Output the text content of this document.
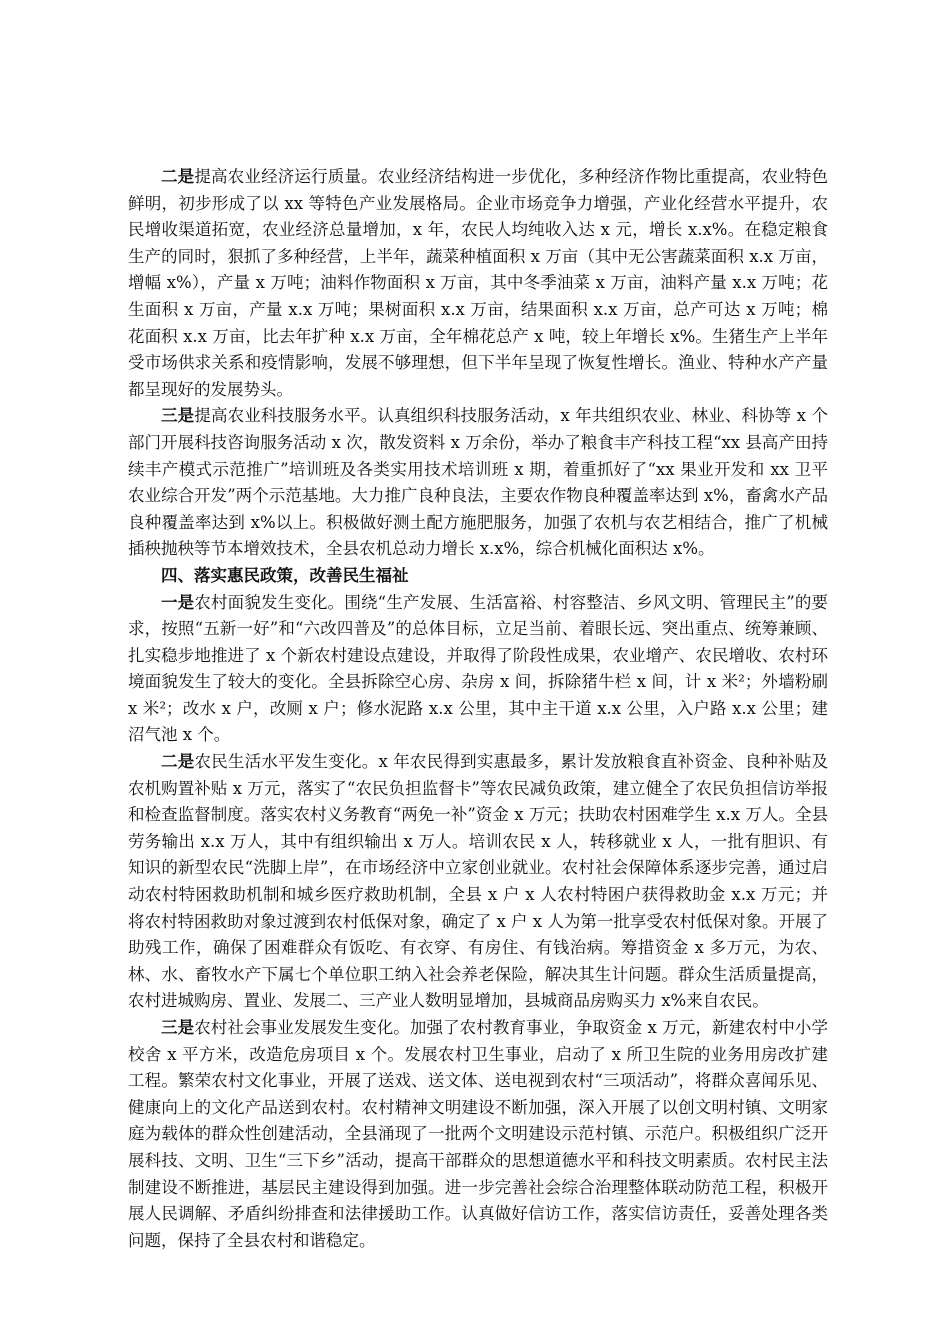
二是提高农业经济运行质量。农业经济结构进一步优化，多种经济作物比重提高，农业特色鲜明，初步形成了以 xx 等特色产业发展格局。企业市场竞争力增强，产业化经营水平提升，农民增收渠道拓宽，农业经济总量增加，x 年，农民人均纯收入达 x 元，增长 x.x%。在稳定粮食生产的同时，狠抓了多种经营，上半年，蔬菜种植面积 x 万亩（其中无公害蔬菜面积 x.x 万亩，增幅 x%），产量 x 万吨；油料作物面积 x 万亩，其中冬季油菜 x 万亩，油料产量 x.x 万吨；花生面积 x 万亩，产量 x.x 万吨；果树面积 x.x 万亩，结果面积 x.x 万亩，总产可达 x 万吨；棉花面积 x.x 万亩，比去年扩种 x.x 万亩，全年棉花总产 x 吨，较上年增长 x%。生猪生产上半年受市场供求关系和疫情影响，发展不够理想，但下半年呈现了恢复性增长。渔业、特种水产产量都呈现好的发展势头。

三是提高农业科技服务水平。认真组织科技服务活动，x 年共组织农业、林业、科协等 x 个部门开展科技咨询服务活动 x 次，散发资料 x 万余份，举办了粮食丰产科技工程“xx 县高产田持续丰产模式示范推广”培训班及各类实用技术培训班 x 期，着重抓好了“xx 果业开发和 xx 卫平农业综合开发”两个示范基地。大力推广良种良法，主要农作物良种覆盖率达到 x%，畜禽水产品良种覆盖率达到 x%以上。积极做好测土配方施肥服务，加强了农机与农艺相结合，推广了机械插秧抛秧等节本增效技术，全县农机总动力增长 x.x%，综合机械化面积达 x%。

四、落实惠民政策，改善民生福祉

一是农村面貌发生变化。围绕“生产发展、生活富裕、村容整洁、乡风文明、管理民主”的要求，按照“五新一好”和“六改四普及”的总体目标，立足当前、着眼长远、突出重点、统筹兼顾、扎实稳步地推进了 x 个新农村建设点建设，并取得了阶段性成果，农业增产、农民增收、农村环境面貌发生了较大的变化。全县拆除空心房、杂房 x 间，拆除猪牛栏 x 间，计 x 米²；外墙粉刷 x 米²；改水 x 户，改厕 x 户；修水泥路 x.x 公里，其中主干道 x.x 公里，入户路 x.x 公里；建沼气池 x 个。

二是农民生活水平发生变化。x 年农民得到实惠最多，累计发放粮食直补资金、良种补贴及农机购置补贴 x 万元，落实了“农民负担监督卡”等农民减负政策，建立健全了农民负担信访举报和检查监督制度。落实农村义务教育“两免一补”资金 x 万元；扶助农村困难学生 x.x 万人。全县劳务输出 x.x 万人，其中有组织输出 x 万人。培训农民 x 人，转移就业 x 人，一批有胆识、有知识的新型农民“洗脚上岸”，在市场经济中立家创业就业。农村社会保障体系逐步完善，通过启动农村特困救助机制和城乡医疗救助机制，全县 x 户 x 人农村特困户获得救助金 x.x 万元；并将农村特困救助对象过渡到农村低保对象，确定了 x 户 x 人为第一批享受农村低保对象。开展了助残工作，确保了困难群众有饭吃、有衣穿、有房住、有钱治病。筹措资金 x 多万元，为农、林、水、畜牧水产下属七个单位职工纳入社会养老保险，解决其生计问题。群众生活质量提高，农村进城购房、置业、发展二、三产业人数明显增加，县城商品房购买力 x%来自农民。

三是农村社会事业发展发生变化。加强了农村教育事业，争取资金 x 万元，新建农村中小学校舍 x 平方米，改造危房项目 x 个。发展农村卫生事业，启动了 x 所卫生院的业务用房改扩建工程。繁荣农村文化事业，开展了送戏、送文体、送电视到农村“三项活动”，将群众喜闻乐见、健康向上的文化产品送到农村。农村精神文明建设不断加强，深入开展了以创文明村镇、文明家庭为载体的群众性创建活动，全县涌现了一批两个文明建设示范村镇、示范户。积极组织广泛开展科技、文明、卫生“三下乡”活动，提高干部群众的思想道德水平和科技文明素质。农村民主法制建设不断推进，基层民主建设得到加强。进一步完善社会综合治理整体联动防范工程，积极开展人民调解、矛盾纠纷排查和法律援助工作。认真做好信访工作，落实信访责任，妥善处理各类问题，保持了全县农村和谐稳定。
